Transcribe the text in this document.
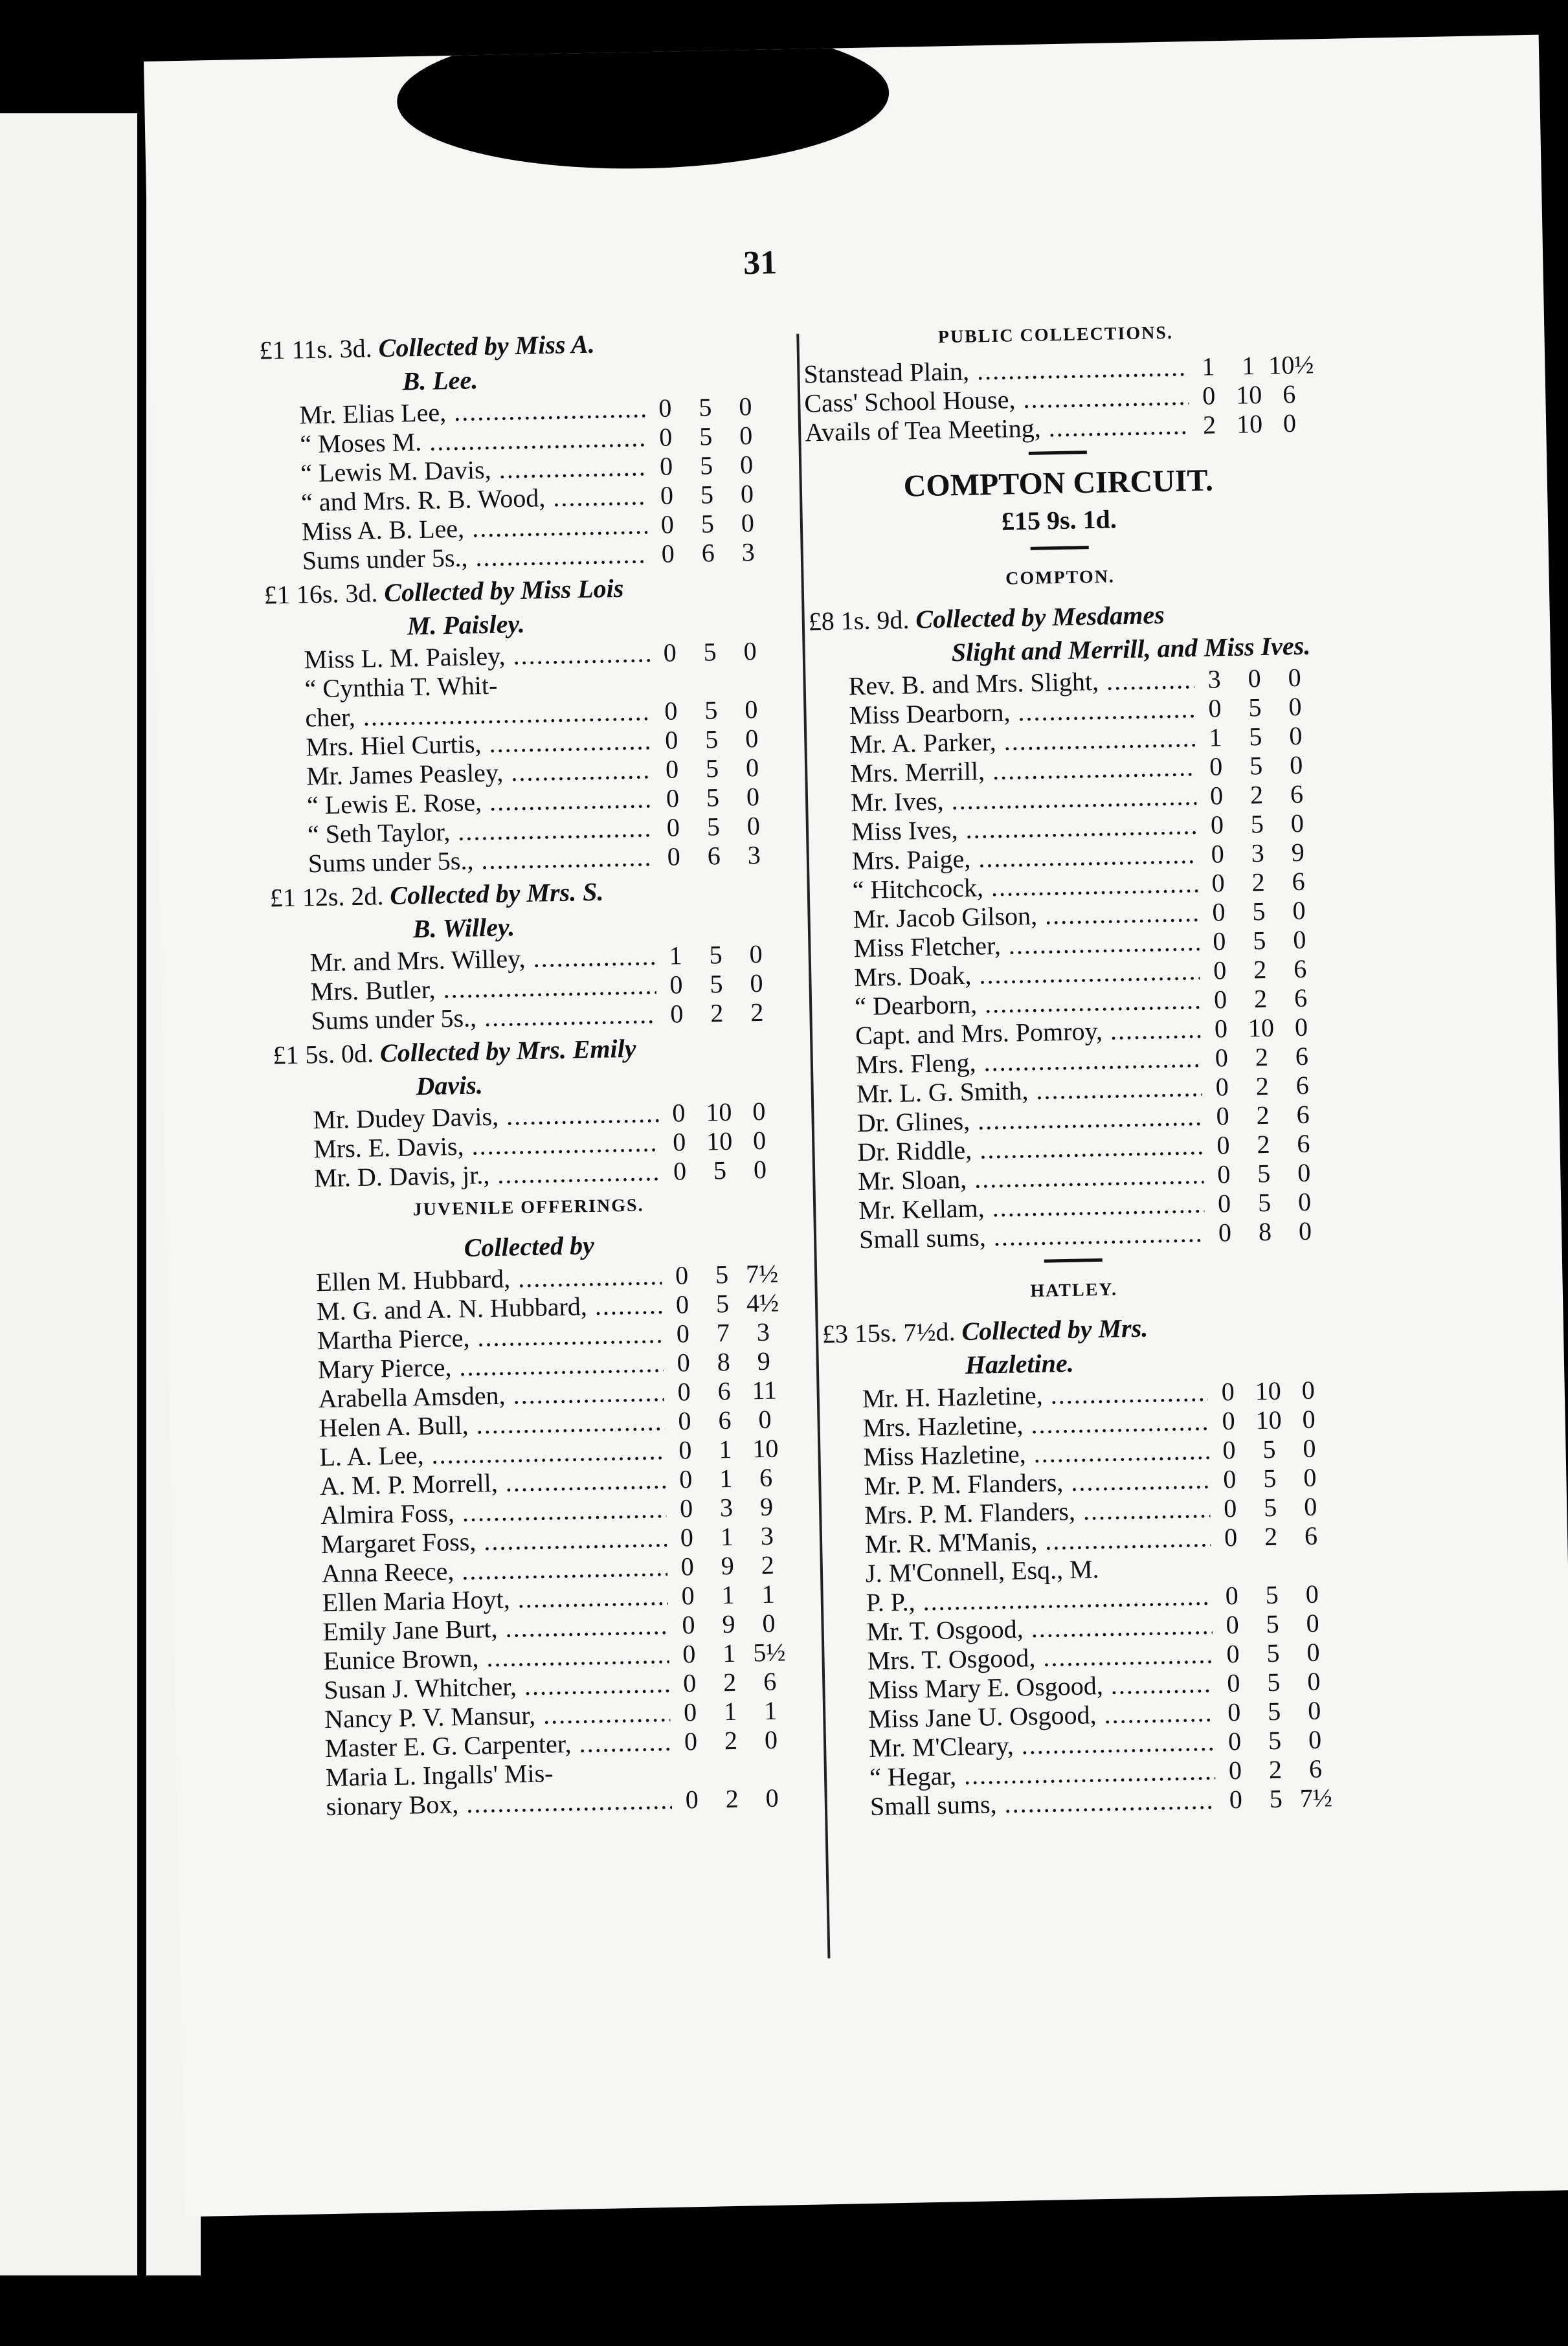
31
£1 11s. 3d. Collected by Miss A.
B. Lee.
Mr. Elias Lee, .....	0	5	0
“ Moses M. .....	0	5	0
“ Lewis M. Davis, .....	0	5	0
“ and Mrs. R. B. Wood, .....	0	5	0
Miss A. B. Lee, .....	0	5	0
Sums under 5s., .....	0	6	3
£1 16s. 3d. Collected by Miss Lois
M. Paisley.
Miss L. M. Paisley, .....	0	5	0
“ Cynthia T. Whit-
cher, .....	0	5	0
Mrs. Hiel Curtis, .....	0	5	0
Mr. James Peasley, .....	0	5	0
“ Lewis E. Rose, .....	0	5	0
“ Seth Taylor, .....	0	5	0
Sums under 5s., .....	0	6	3
£1 12s. 2d. Collected by Mrs. S.
B. Willey.
Mr. and Mrs. Willey, .....	1	5	0
Mrs. Butler, .....	0	5	0
Sums under 5s., .....	0	2	2
£1 5s. 0d. Collected by Mrs. Emily
Davis.
Mr. Dudey Davis, .....	0 10 0
Mrs. E. Davis, .....	0 10 0
Mr. D. Davis, jr., .....	0	5	0
JUVENILE OFFERINGS.
Collected by
Ellen M. Hubbard, .....	0	5 7½
M. G. and A. N. Hubbard, .....	0	5 4½
Martha Pierce, .....	0	7	3
Mary Pierce, .....	0	8	9
Arabella Amsden, .....	0	6 11
Helen A. Bull, .....	0	6	0
L. A. Lee, .....	0	1 10
A. M. P. Morrell, .....	0	1	6
Almira Foss, .....	0	3	9
Margaret Foss, .....	0	1	3
Anna Reece, .....	0	9	2
Ellen Maria Hoyt, .....	0	1	1
Emily Jane Burt, .....	0	9	0
Eunice Brown, .....	0	1 5½
Susan J. Whitcher, .....	0	2	6
Nancy P. V. Mansur, .....	0	1	1
Master E. G. Carpenter, .....	0	2	0
Maria L. Ingalls' Mis-
sionary Box, .....	0	2	0
PUBLIC COLLECTIONS.
Stanstead Plain, .....	1	1 10½
Cass' School House, .....	0 10 6
Avails of Tea Meeting, .....	2 10 0
COMPTON CIRCUIT.
£15 9s. 1d.
COMPTON.
£8 1s. 9d. Collected by Mesdames
Slight and Merrill, and Miss Ives.
Rev. B. and Mrs. Slight, .....	3	0	0
Miss Dearborn, .....	0	5	0
Mr. A. Parker, .....	1	5	0
Mrs. Merrill, .....	0	5	0
Mr. Ives, .....	0	2	6
Miss Ives, .....	0	5	0
Mrs. Paige, .....	0	3	9
“ Hitchcock, .....	0	2	6
Mr. Jacob Gilson, .....	0	5	0
Miss Fletcher, .....	0	5	0
Mrs. Doak, .....	0	2	6
“ Dearborn, .....	0	2	6
Capt. and Mrs. Pomroy, .....	0 10 0
Mrs. Fleng, .....	0	2	6
Mr. L. G. Smith, .....	0	2	6
Dr. Glines, .....	0	2	6
Dr. Riddle, .....	0	2	6
Mr. Sloan, .....	0	5	0
Mr. Kellam, .....	0	5	0
Small sums, .....	0	8	0
HATLEY.
£3 15s. 7½d. Collected by Mrs.
Hazletine.
Mr. H. Hazletine, .....	0 10 0
Mrs. Hazletine, .....	0 10 0
Miss Hazletine, .....	0	5	0
Mr. P. M. Flanders, .....	0	5	0
Mrs. P. M. Flanders, .....	0	5	0
Mr. R. M'Manis, .....	0	2	6
J. M'Connell, Esq., M.
P. P., .....	0	5	0
Mr. T. Osgood, .....	0	5	0
Mrs. T. Osgood, .....	0	5	0
Miss Mary E. Osgood, .....	0	5	0
Miss Jane U. Osgood, .....	0	5	0
Mr. M'Cleary, .....	0	5	0
“ Hegar, .....	0	2	6
Small sums, .....	0	5 7½
